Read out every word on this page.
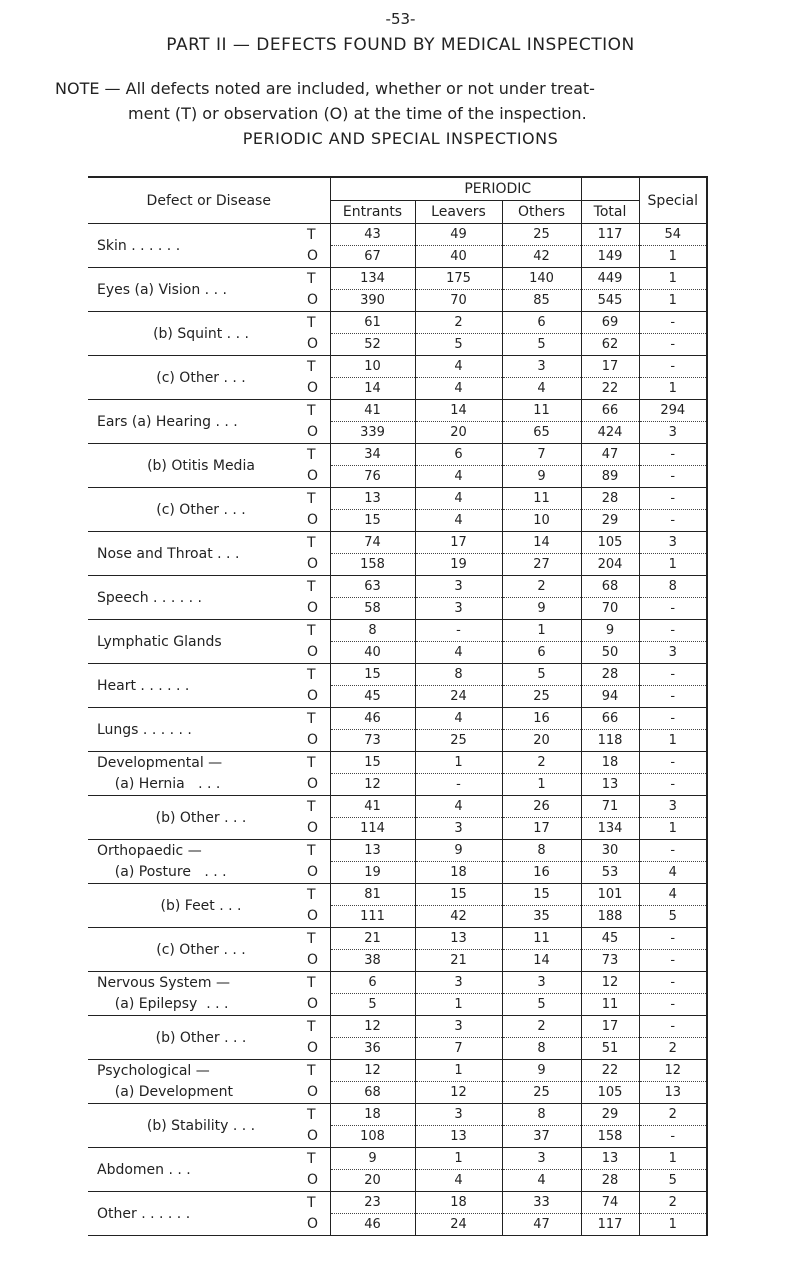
-53-
PART II — DEFECTS FOUND BY MEDICAL INSPECTION
NOTE — All defects noted are included, whether or not under treat-
ment (T) or observation (O) at the time of the inspection.
PERIODIC AND SPECIAL INSPECTIONS
Defect or Disease			PERIODIC			Special
		Entrants	Leavers	Others	Total	
Skin . . . . . .	T	43	49	25	117	54
	O	67	40	42	149	1
Eyes (a) Vision . . .	T	134	175	140	449	1
	O	390	70	85	545	1
(b) Squint . . .	T	61	2	6	69	-
	O	52	5	5	62	-
(c) Other . . .	T	10	4	3	17	-
	O	14	4	4	22	1
Ears (a) Hearing . . .	T	41	14	11	66	294
	O	339	20	65	424	3
(b) Otitis Media	T	34	6	7	47	-
	O	76	4	9	89	-
(c) Other . . .	T	13	4	11	28	-
	O	15	4	10	29	-
Nose and Throat . . .	T	74	17	14	105	3
	O	158	19	27	204	1
Speech . . . . . .	T	63	3	2	68	8
	O	58	3	9	70	-
Lymphatic Glands	T	8	-	1	9	-
	O	40	4	6	50	3
Heart . . . . . .	T	15	8	5	28	-
	O	45	24	25	94	-
Lungs . . . . . .	T	46	4	16	66	-
	O	73	25	20	118	1
Developmental —	T	15	1	2	18	-
(a) Hernia   . . .	O	12	-	1	13	-
(b) Other . . .	T	41	4	26	71	3
	O	114	3	17	134	1
Orthopaedic —	T	13	9	8	30	-
(a) Posture   . . .	O	19	18	16	53	4
(b) Feet . . .	T	81	15	15	101	4
	O	111	42	35	188	5
(c) Other . . .	T	21	13	11	45	-
	O	38	21	14	73	-
Nervous System —	T	6	3	3	12	-
(a) Epilepsy  . . .	O	5	1	5	11	-
(b) Other . . .	T	12	3	2	17	-
	O	36	7	8	51	2
Psychological —	T	12	1	9	22	12
(a) Development	O	68	12	25	105	13
(b) Stability . . .	T	18	3	8	29	2
	O	108	13	37	158	-
Abdomen . . .	T	9	1	3	13	1
	O	20	4	4	28	5
Other . . . . . .	T	23	18	33	74	2
	O	46	24	47	117	1
